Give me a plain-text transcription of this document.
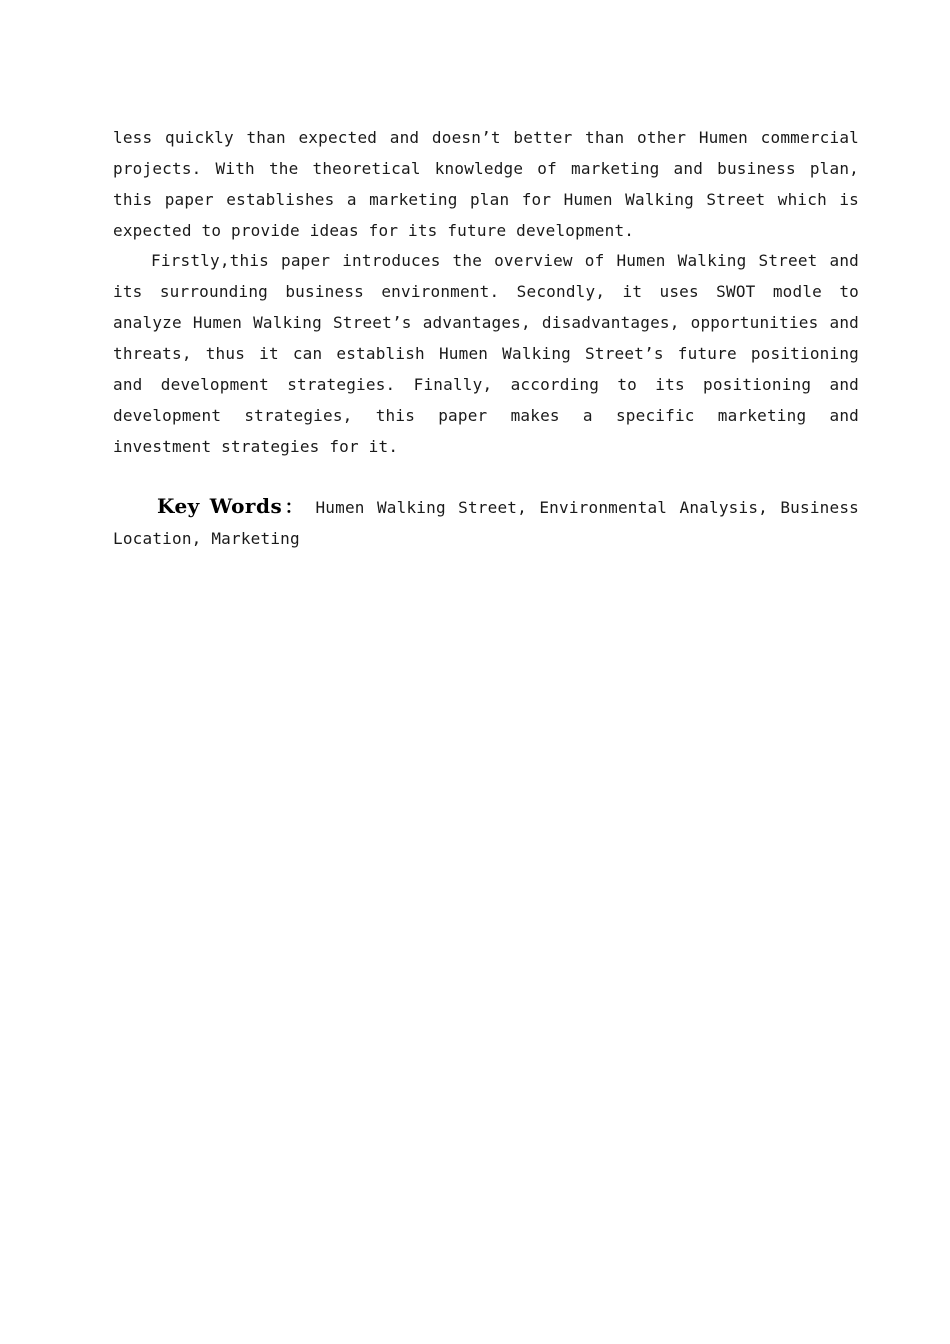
less quickly than expected and doesn’t better than other Humen commercial projects. With the theoretical knowledge of marketing and business plan, this paper establishes a marketing plan for Humen Walking Street which is expected to provide ideas for its future development.

Firstly,this paper introduces the overview of Humen Walking Street and its surrounding business environment. Secondly, it uses SWOT modle to analyze Humen Walking Street’s advantages, disadvantages, opportunities and threats, thus it can establish Humen Walking Street’s future positioning and development strategies. Finally, according to its positioning and development strategies, this paper makes a specific marketing and investment strategies for it.

Key Words： Humen Walking Street, Environmental Analysis, Business Location, Marketing
